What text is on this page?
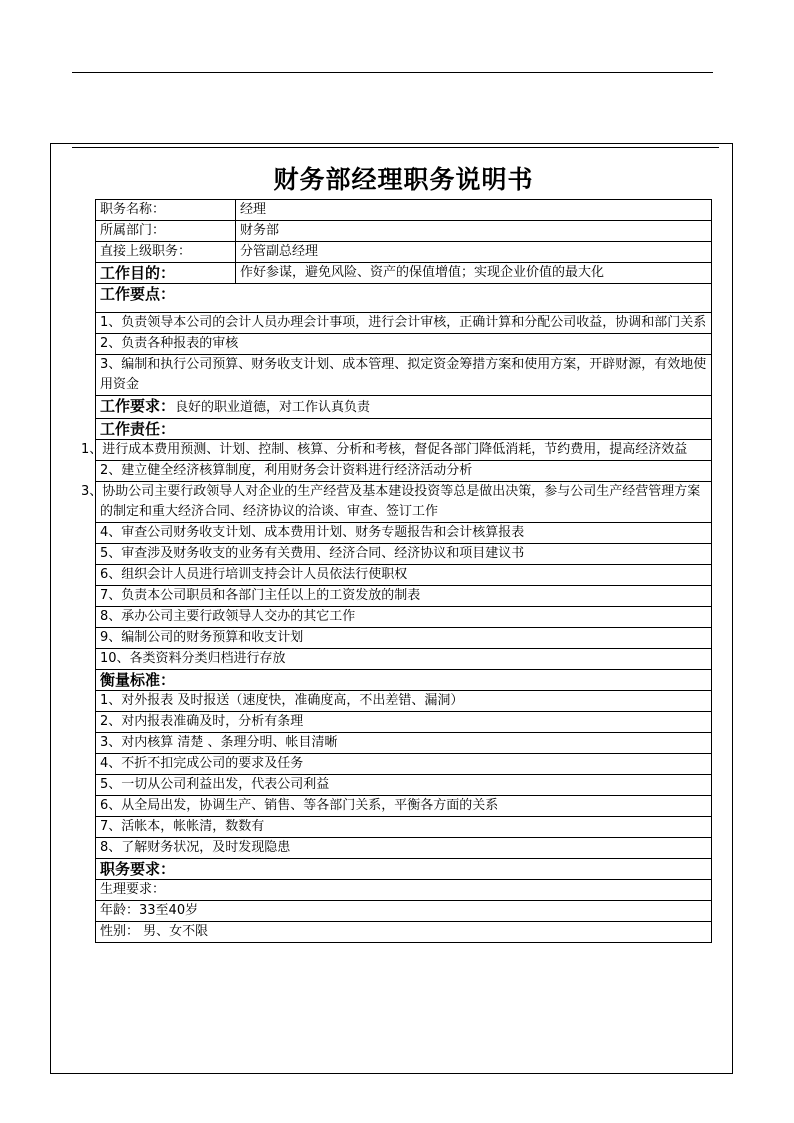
财务部经理职务说明书
职务名称：	经理
所属部门：	财务部
直接上级职务：	分管副总经理
工作目的：	作好参谋，避免风险、资产的保值增值；实现企业价值的最大化
工作要点：	
1、负责领导本公司的会计人员办理会计事项，进行会计审核，正确计算和分配公司收益，协调和部门关系	
2、负责各种报表的审核	
3、编制和执行公司预算、财务收支计划、成本管理、拟定资金筹措方案和使用方案，开辟财源，有效地使用资金	
工作要求：良好的职业道德，对工作认真负责	
工作责任：	
1、进行成本费用预测、计划、控制、核算、分析和考核，督促各部门降低消耗，节约费用，提高经济效益	
2、建立健全经济核算制度，利用财务会计资料进行经济活动分析	
3、协助公司主要行政领导人对企业的生产经营及基本建设投资等总是做出决策，参与公司生产经营管理方案的制定和重大经济合同、经济协议的洽谈、审查、签订工作	
4、审查公司财务收支计划、成本费用计划、财务专题报告和会计核算报表	
5、审查涉及财务收支的业务有关费用、经济合同、经济协议和项目建议书	
6、组织会计人员进行培训支持会计人员依法行使职权	
7、负责本公司职员和各部门主任以上的工资发放的制表	
8、承办公司主要行政领导人交办的其它工作	
9、编制公司的财务预算和收支计划	
10、各类资料分类归档进行存放	
衡量标准：	
1、对外报表 及时报送（速度快，准确度高，不出差错、漏洞）	
2、对内报表准确及时，分析有条理	
3、对内核算 清楚 、条理分明、帐目清晰	
4、不折不扣完成公司的要求及任务	
5、一切从公司利益出发，代表公司利益	
6、从全局出发，协调生产、销售、等各部门关系，平衡各方面的关系	
7、活帐本，帐帐清，数数有	
8、了解财务状况，及时发现隐患	
职务要求：	
生理要求：	
年龄：33至40岁	
性别： 男、女不限	
